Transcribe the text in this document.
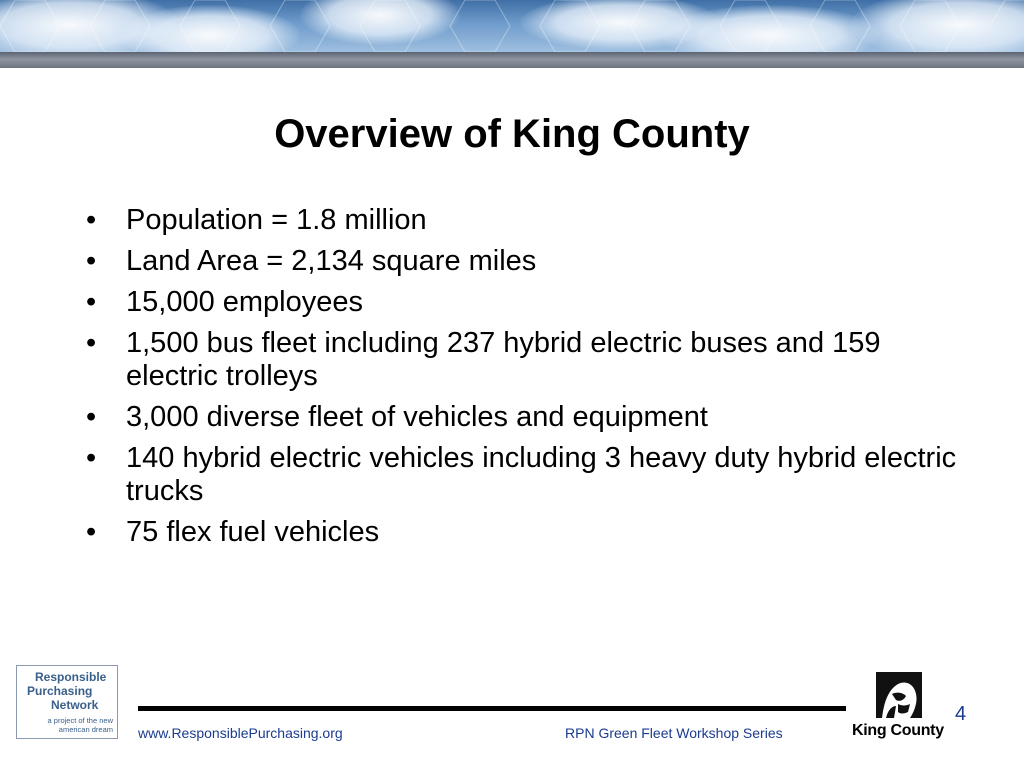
Overview of King County
• Population = 1.8 million
• Land Area = 2,134 square miles
• 15,000 employees
• 1,500 bus fleet including 237 hybrid electric buses and 159 electric trolleys
• 3,000 diverse fleet of vehicles and equipment
• 140 hybrid electric vehicles including 3 heavy duty hybrid electric trucks
• 75 flex fuel vehicles
Responsible
Purchasing
Network
a project of the new american dream www.ResponsiblePurchasing.org	RPN Green Fleet Workshop Series
4
King County
